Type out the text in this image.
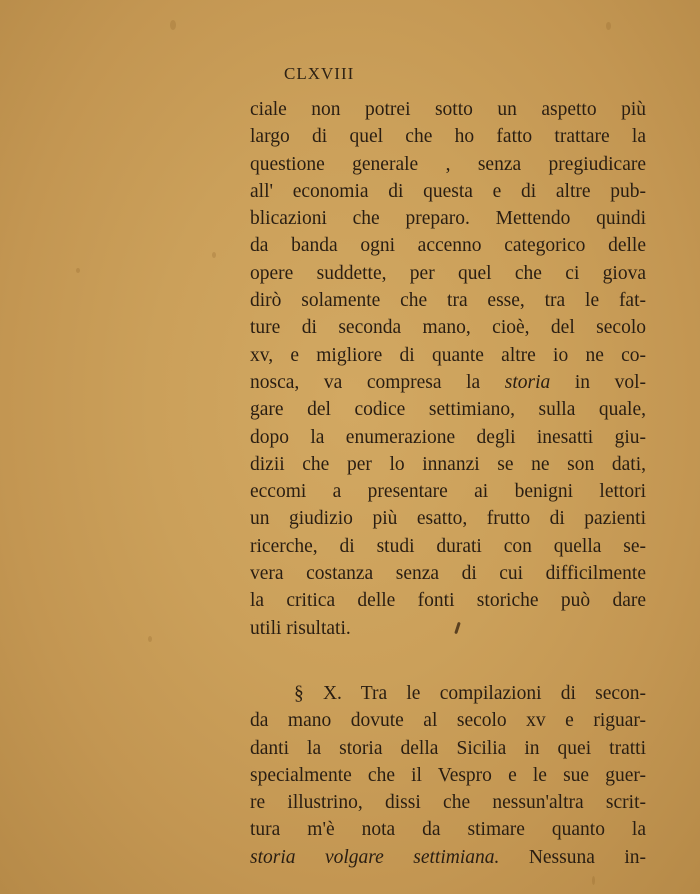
CLXVIII
ciale non potrei sotto un aspetto più
largo di quel che ho fatto trattare la
questione generale , senza pregiudicare
all' economia di questa e di altre pub-
blicazioni che preparo. Mettendo quindi
da banda ogni accenno categorico delle
opere suddette, per quel che ci giova
dirò solamente che tra esse, tra le fat-
ture di seconda mano, cioè, del secolo
xv, e migliore di quante altre io ne co-
nosca, va compresa la storia in vol-
gare del codice settimiano, sulla quale,
dopo la enumerazione degli inesatti giu-
dizii che per lo innanzi se ne son dati,
eccomi a presentare ai benigni lettori
un giudizio più esatto, frutto di pazienti
ricerche, di studi durati con quella se-
vera costanza senza di cui difficilmente
la critica delle fonti storiche può dare
utili risultati.
§ X. Tra le compilazioni di secon-
da mano dovute al secolo xv e riguar-
danti la storia della Sicilia in quei tratti
specialmente che il Vespro e le sue guer-
re illustrino, dissi che nessun'altra scrit-
tura m'è nota da stimare quanto la
storia volgare settimiana. Nessuna in-
